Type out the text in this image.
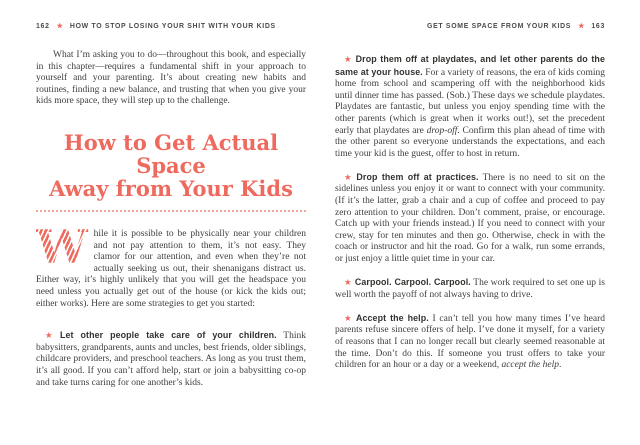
162 ★ HOW TO STOP LOSING YOUR SHIT WITH YOUR KIDS

What I’m asking you to do—throughout this book, and especially in this chapter—requires a fundamental shift in your approach to yourself and your parenting. It’s about creating new habits and routines, finding a new balance, and trusting that when you give your kids more space, they will step up to the challenge.

How to Get Actual Space
Away from Your Kids

W hile it is possible to be physically near your children and not pay attention to them, it’s not easy. They clamor for our attention, and even when they’re not actually seeking us out, their shenanigans distract us. Either way, it’s highly unlikely that you will get the headspace you need unless you actually get out of the house (or kick the kids out; either works). Here are some strategies to get you started:

★ Let other people take care of your children. Think babysitters, grandparents, aunts and uncles, best friends, older siblings, childcare providers, and preschool teachers. As long as you trust them, it’s all good. If you can’t afford help, start or join a babysitting co-op and take turns caring for one another’s kids.

GET SOME SPACE FROM YOUR KIDS ★ 163

★ Drop them off at playdates, and let other parents do the same at your house. For a variety of reasons, the era of kids coming home from school and scampering off with the neighborhood kids until dinner time has passed. (Sob.) These days we schedule playdates. Playdates are fantastic, but unless you enjoy spending time with the other parents (which is great when it works out!), set the precedent early that playdates are drop-off. Confirm this plan ahead of time with the other parent so everyone understands the expectations, and each time your kid is the guest, offer to host in return.

★ Drop them off at practices. There is no need to sit on the sidelines unless you enjoy it or want to connect with your community. (If it’s the latter, grab a chair and a cup of coffee and proceed to pay zero attention to your children. Don’t comment, praise, or encourage. Catch up with your friends instead.) If you need to connect with your crew, stay for ten minutes and then go. Otherwise, check in with the coach or instructor and hit the road. Go for a walk, run some errands, or just enjoy a little quiet time in your car.

★ Carpool. Carpool. Carpool. The work required to set one up is well worth the payoff of not always having to drive.

★ Accept the help. I can’t tell you how many times I’ve heard parents refuse sincere offers of help. I’ve done it myself, for a variety of reasons that I can no longer recall but clearly seemed reasonable at the time. Don’t do this. If someone you trust offers to take your children for an hour or a day or a weekend, accept the help.
